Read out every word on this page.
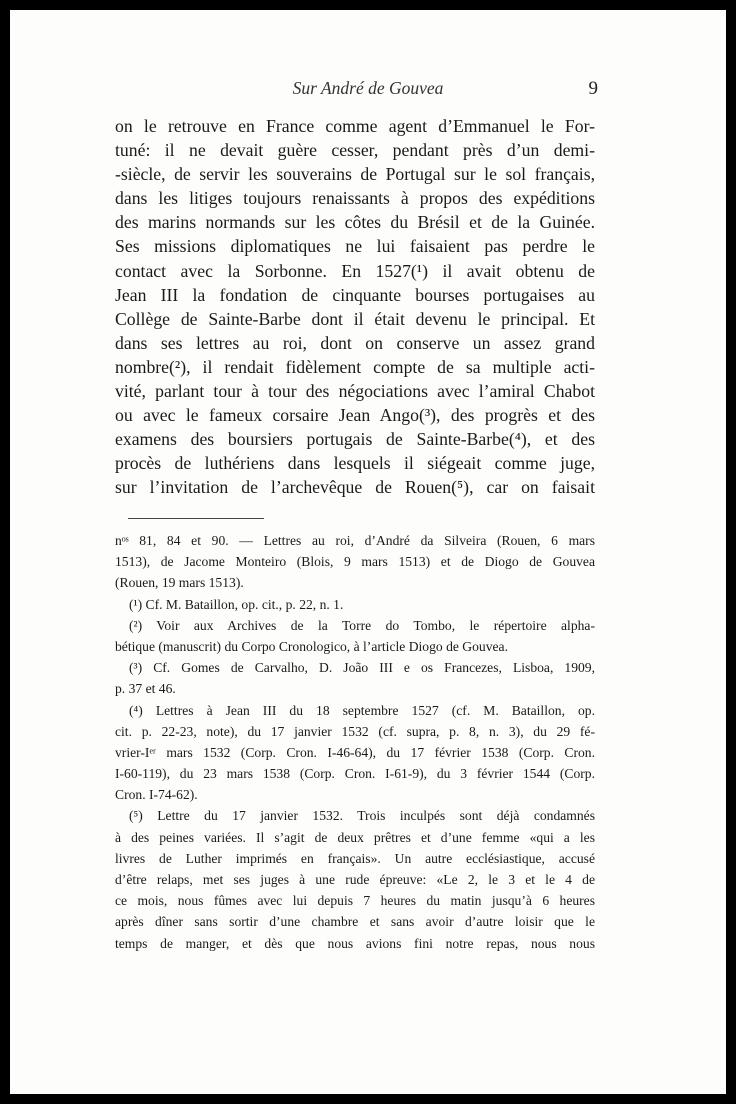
Sur André de Gouvea	9
on le retrouve en France comme agent d’Emmanuel le For-
tuné: il ne devait guère cesser, pendant près d’un demi-
-siècle, de servir les souverains de Portugal sur le sol français,
dans les litiges toujours renaissants à propos des expéditions
des marins normands sur les côtes du Brésil et de la Guinée.
Ses missions diplomatiques ne lui faisaient pas perdre le
contact avec la Sorbonne. En 1527(¹) il avait obtenu de
Jean III la fondation de cinquante bourses portugaises au
Collège de Sainte-Barbe dont il était devenu le principal. Et
dans ses lettres au roi, dont on conserve un assez grand
nombre(²), il rendait fidèlement compte de sa multiple acti-
vité, parlant tour à tour des négociations avec l’amiral Chabot
ou avec le fameux corsaire Jean Ango(³), des progrès et des
examens des boursiers portugais de Sainte-Barbe(⁴), et des
procès de luthériens dans lesquels il siégeait comme juge,
sur l’invitation de l’archevêque de Rouen(⁵), car on faisait
nᵒˢ 81, 84 et 90. — Lettres au roi, d’André da Silveira (Rouen, 6 mars
1513), de Jacome Monteiro (Blois, 9 mars 1513) et de Diogo de Gouvea
(Rouen, 19 mars 1513).
(¹) Cf. M. Bataillon, op. cit., p. 22, n. 1.
(²) Voir aux Archives de la Torre do Tombo, le répertoire alpha-
bétique (manuscrit) du Corpo Cronologico, à l’article Diogo de Gouvea.
(³) Cf. Gomes de Carvalho, D. João III e os Francezes, Lisboa, 1909,
p. 37 et 46.
(⁴) Lettres à Jean III du 18 septembre 1527 (cf. M. Bataillon, op.
cit. p. 22-23, note), du 17 janvier 1532 (cf. supra, p. 8, n. 3), du 29 fé-
vrier-Iᵉʳ mars 1532 (Corp. Cron. I-46-64), du 17 février 1538 (Corp. Cron.
I-60-119), du 23 mars 1538 (Corp. Cron. I-61-9), du 3 février 1544 (Corp.
Cron. I-74-62).
(⁵) Lettre du 17 janvier 1532. Trois inculpés sont déjà condamnés
à des peines variées. Il s’agit de deux prêtres et d’une femme «qui a les
livres de Luther imprimés en français». Un autre ecclésiastique, accusé
d’être relaps, met ses juges à une rude épreuve: «Le 2, le 3 et le 4 de
ce mois, nous fûmes avec lui depuis 7 heures du matin jusqu’à 6 heures
après dîner sans sortir d’une chambre et sans avoir d’autre loisir que le
temps de manger, et dès que nous avions fini notre repas, nous nous
